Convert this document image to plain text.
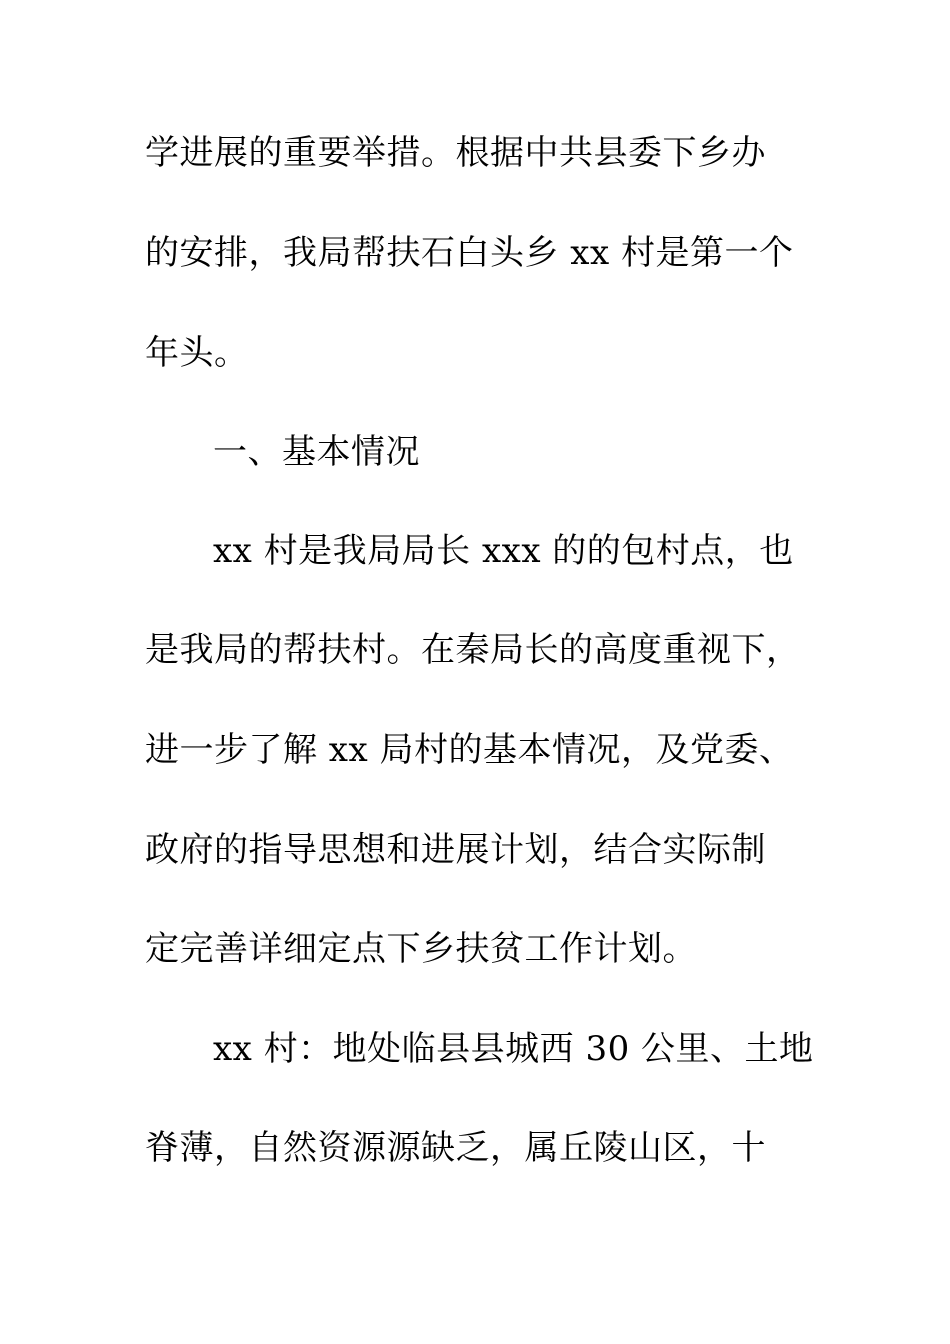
学进展的重要举措。根据中共县委下乡办
的安排，我局帮扶石白头乡 xx 村是第一个
年头。
一、基本情况
xx 村是我局局长 xxx 的的包村点，也
是我局的帮扶村。在秦局长的高度重视下，
进一步了解 xx 局村的基本情况，及党委、
政府的指导思想和进展计划，结合实际制
定完善详细定点下乡扶贫工作计划。
xx 村：地处临县县城西 30 公里、土地
脊薄，自然资源源缺乏，属丘陵山区，十
